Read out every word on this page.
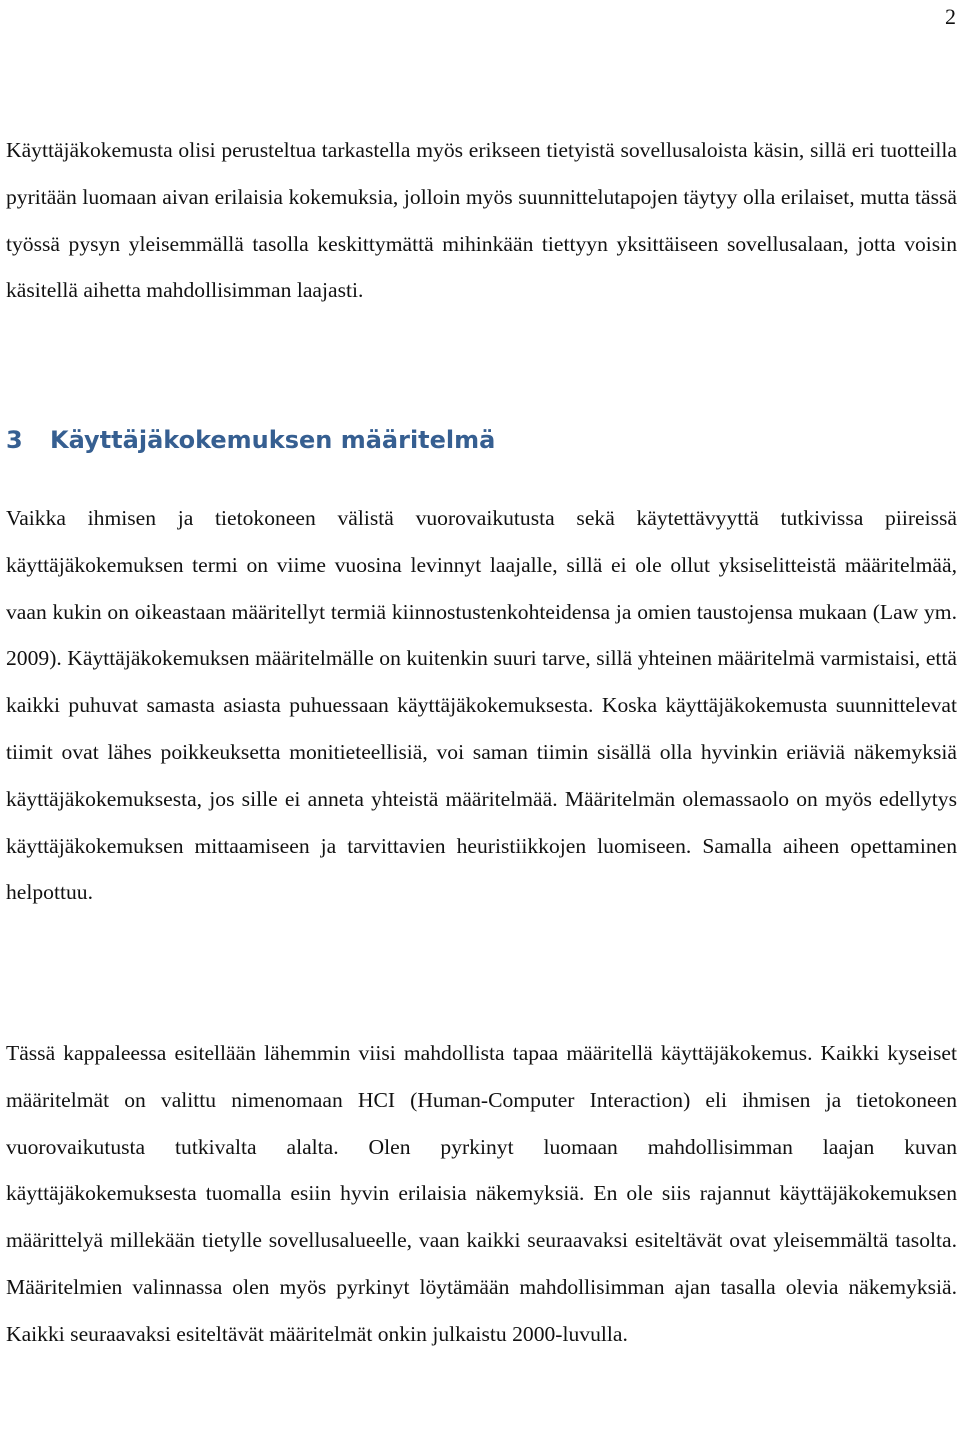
2

Käyttäjäkokemusta olisi perusteltua tarkastella myös erikseen tietyistä sovellusaloista käsin, sillä eri tuotteilla pyritään luomaan aivan erilaisia kokemuksia, jolloin myös suunnittelutapojen täytyy olla erilaiset, mutta tässä työssä pysyn yleisemmällä tasolla keskittymättä mihinkään tiettyyn yksittäiseen sovellusalaan, jotta voisin käsitellä aihetta mahdollisimman laajasti.

3 Käyttäjäkokemuksen määritelmä

Vaikka ihmisen ja tietokoneen välistä vuorovaikutusta sekä käytettävyyttä tutkivissa piireissä käyttäjäkokemuksen termi on viime vuosina levinnyt laajalle, sillä ei ole ollut yksiselitteistä määritelmää, vaan kukin on oikeastaan määritellyt termiä kiinnostustenkohteidensa ja omien taustojensa mukaan (Law ym. 2009). Käyttäjäkokemuksen määritelmälle on kuitenkin suuri tarve, sillä yhteinen määritelmä varmistaisi, että kaikki puhuvat samasta asiasta puhuessaan käyttäjäkokemuksesta. Koska käyttäjäkokemusta suunnittelevat tiimit ovat lähes poikkeuksetta monitieteellisiä, voi saman tiimin sisällä olla hyvinkin eriäviä näkemyksiä käyttäjäkokemuksesta, jos sille ei anneta yhteistä määritelmää. Määritelmän olemassaolo on myös edellytys käyttäjäkokemuksen mittaamiseen ja tarvittavien heuristiikkojen luomiseen. Samalla aiheen opettaminen helpottuu.

Tässä kappaleessa esitellään lähemmin viisi mahdollista tapaa määritellä käyttäjäkokemus. Kaikki kyseiset määritelmät on valittu nimenomaan HCI (Human-Computer Interaction) eli ihmisen ja tietokoneen vuorovaikutusta tutkivalta alalta. Olen pyrkinyt luomaan mahdollisimman laajan kuvan käyttäjäkokemuksesta tuomalla esiin hyvin erilaisia näkemyksiä. En ole siis rajannut käyttäjäkokemuksen määrittelyä millekään tietylle sovellusalueelle, vaan kaikki seuraavaksi esiteltävät ovat yleisemmältä tasolta. Määritelmien valinnassa olen myös pyrkinyt löytämään mahdollisimman ajan tasalla olevia näkemyksiä. Kaikki seuraavaksi esiteltävät määritelmät onkin julkaistu 2000-luvulla.
